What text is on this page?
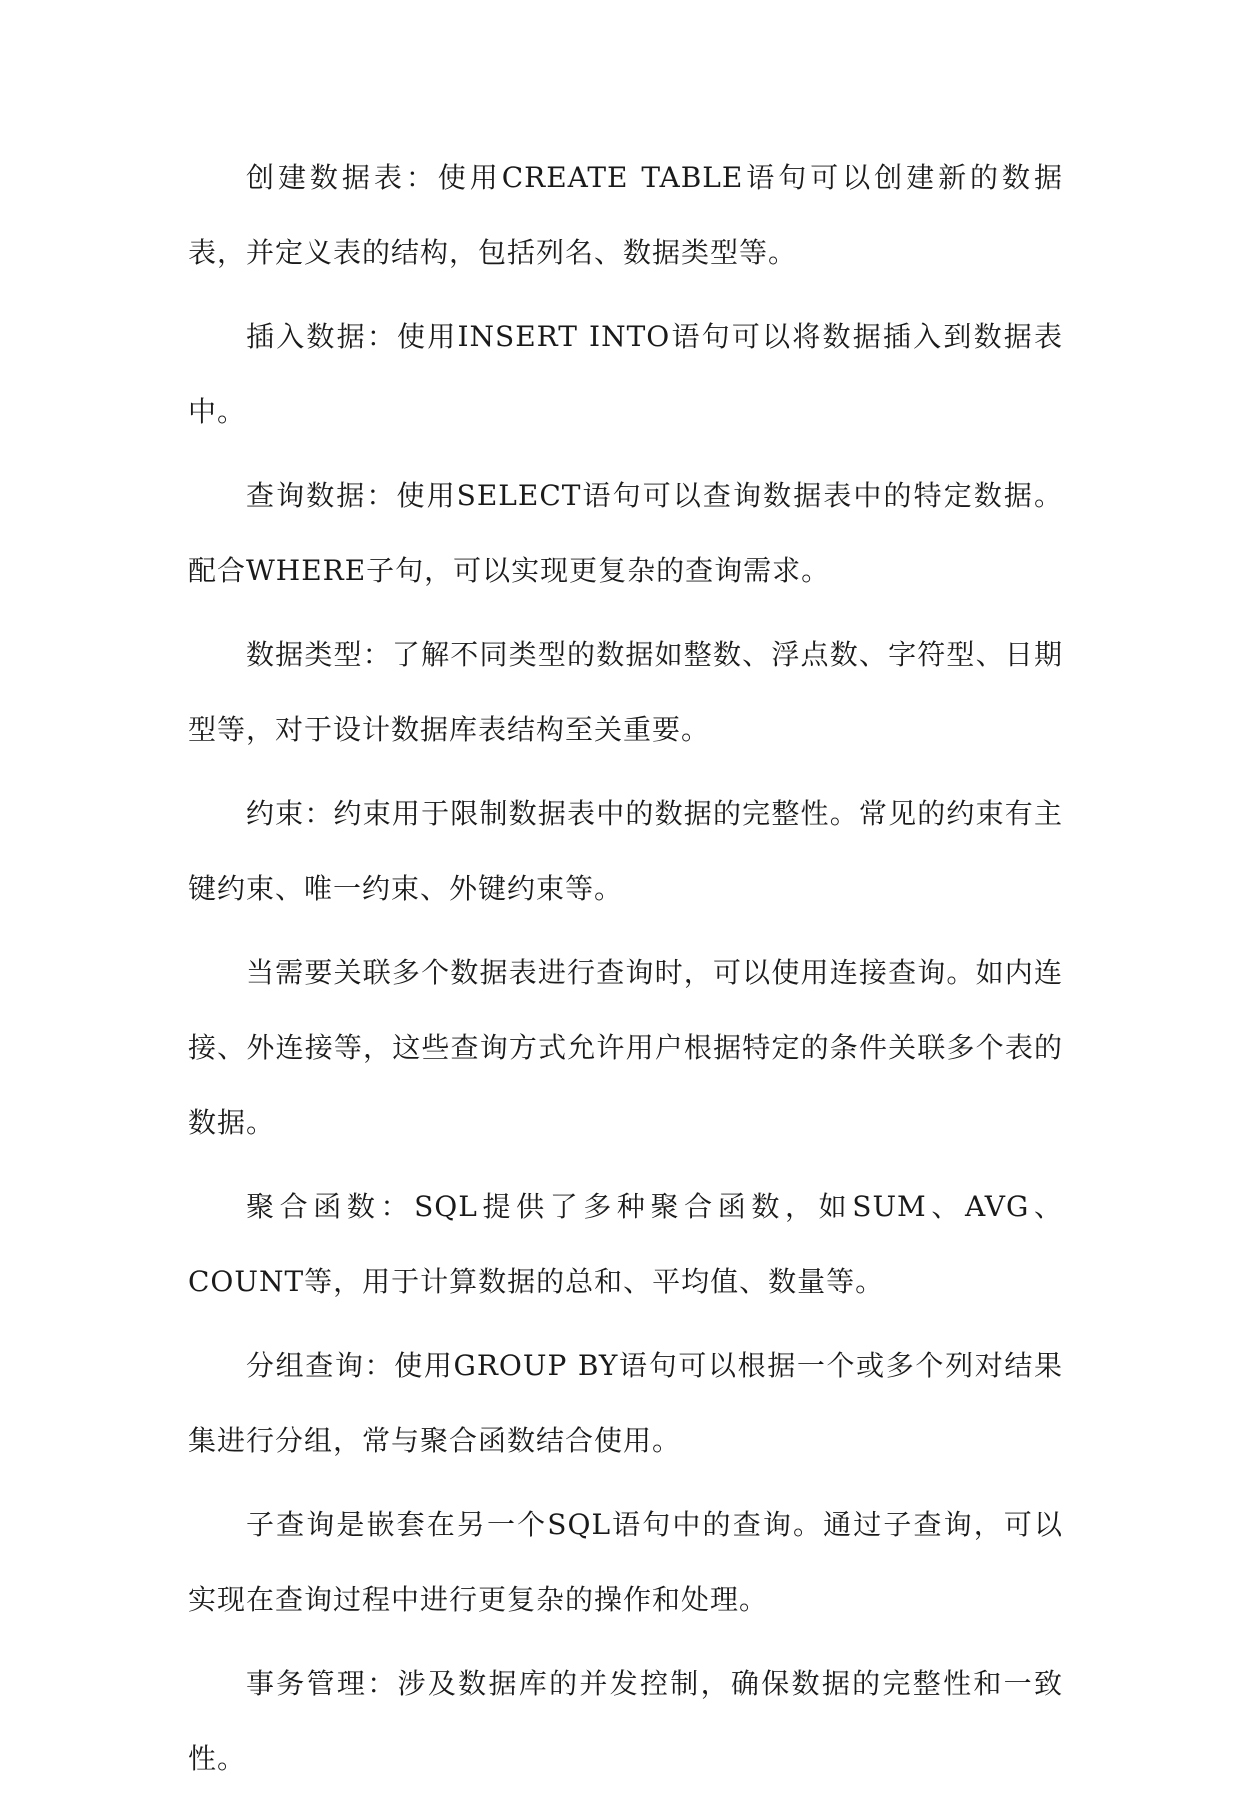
创建数据表：使用CREATE TABLE语句可以创建新的数据表，并定义表的结构，包括列名、数据类型等。

插入数据：使用INSERT INTO语句可以将数据插入到数据表中。

查询数据：使用SELECT语句可以查询数据表中的特定数据。配合WHERE子句，可以实现更复杂的查询需求。

数据类型：了解不同类型的数据如整数、浮点数、字符型、日期型等，对于设计数据库表结构至关重要。

约束：约束用于限制数据表中的数据的完整性。常见的约束有主键约束、唯一约束、外键约束等。

当需要关联多个数据表进行查询时，可以使用连接查询。如内连接、外连接等，这些查询方式允许用户根据特定的条件关联多个表的数据。

聚合函数：SQL提供了多种聚合函数，如SUM、AVG、COUNT等，用于计算数据的总和、平均值、数量等。

分组查询：使用GROUP BY语句可以根据一个或多个列对结果集进行分组，常与聚合函数结合使用。

子查询是嵌套在另一个SQL语句中的查询。通过子查询，可以实现在查询过程中进行更复杂的操作和处理。

事务管理：涉及数据库的并发控制，确保数据的完整性和一致性。
